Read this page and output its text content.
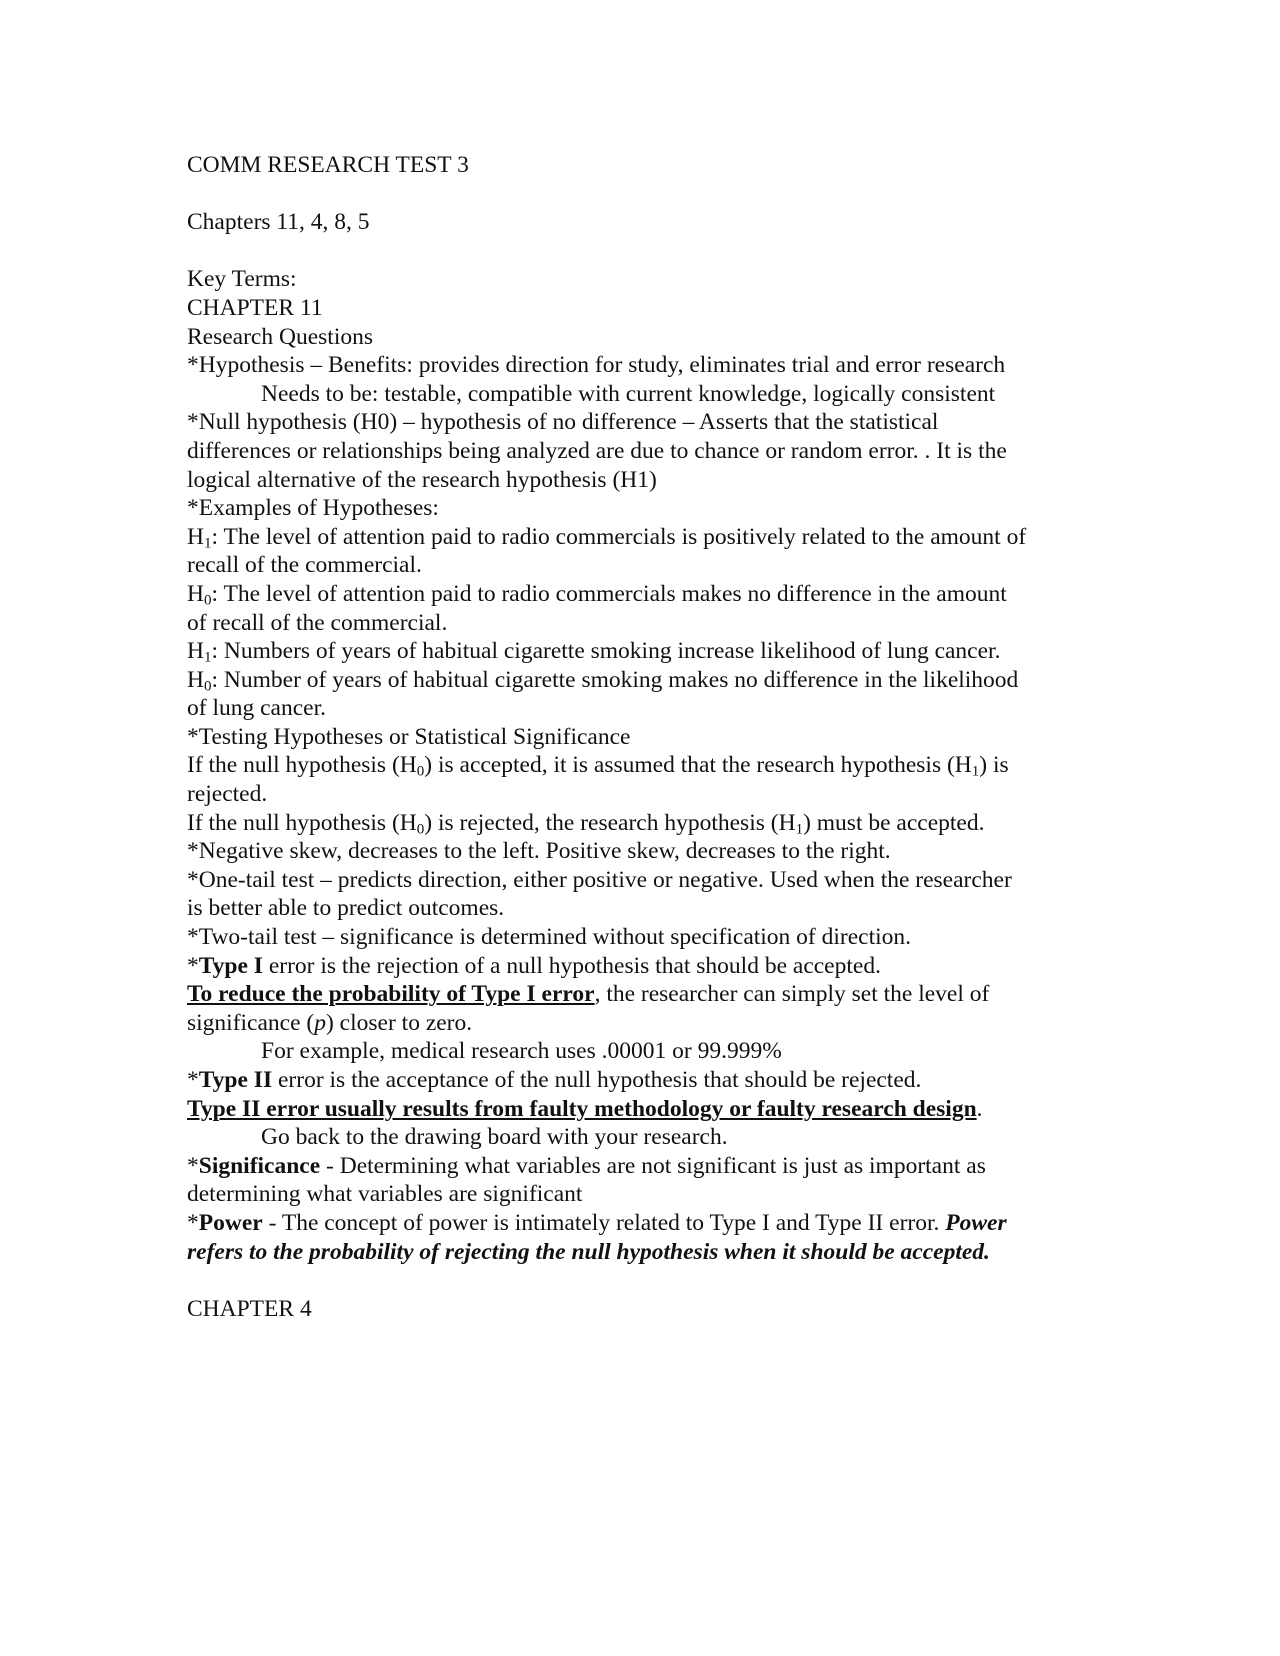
COMM RESEARCH TEST 3

Chapters 11, 4, 8, 5

Key Terms:

CHAPTER 11

Research Questions

*Hypothesis – Benefits: provides direction for study, eliminates trial and error research

Needs to be: testable, compatible with current knowledge, logically consistent

*Null hypothesis (H0) – hypothesis of no difference – Asserts that the statistical

differences or relationships being analyzed are due to chance or random error. . It is the

logical alternative of the research hypothesis (H1)

*Examples of Hypotheses:

$H_1$: The level of attention paid to radio commercials is positively related to the amount of

recall of the commercial.

$H_0$: The level of attention paid to radio commercials makes no difference in the amount

of recall of the commercial.

$H_1$: Numbers of years of habitual cigarette smoking increase likelihood of lung cancer.

$H_0$: Number of years of habitual cigarette smoking makes no difference in the likelihood

of lung cancer.

*Testing Hypotheses or Statistical Significance

If the null hypothesis $(H_0)$ is accepted, it is assumed that the research hypothesis $(H_1)$ is

rejected.

If the null hypothesis $(H_0)$ is rejected, the research hypothesis $(H_1)$ must be accepted.

*Negative skew, decreases to the left. Positive skew, decreases to the right.

*One-tail test – predicts direction, either positive or negative. Used when the researcher

is better able to predict outcomes.

*Two-tail test – significance is determined without specification of direction.

*Type I error is the rejection of a null hypothesis that should be accepted.

To reduce the probability of Type I error, the researcher can simply set the level of

significance (p) closer to zero.

For example, medical research uses .00001 or 99.999%

*Type II error is the acceptance of the null hypothesis that should be rejected.

Type II error usually results from faulty methodology or faulty research design.

Go back to the drawing board with your research.

*Significance - Determining what variables are not significant is just as important as

determining what variables are significant

*Power - The concept of power is intimately related to Type I and Type II error. Power

refers to the probability of rejecting the null hypothesis when it should be accepted.

CHAPTER 4
